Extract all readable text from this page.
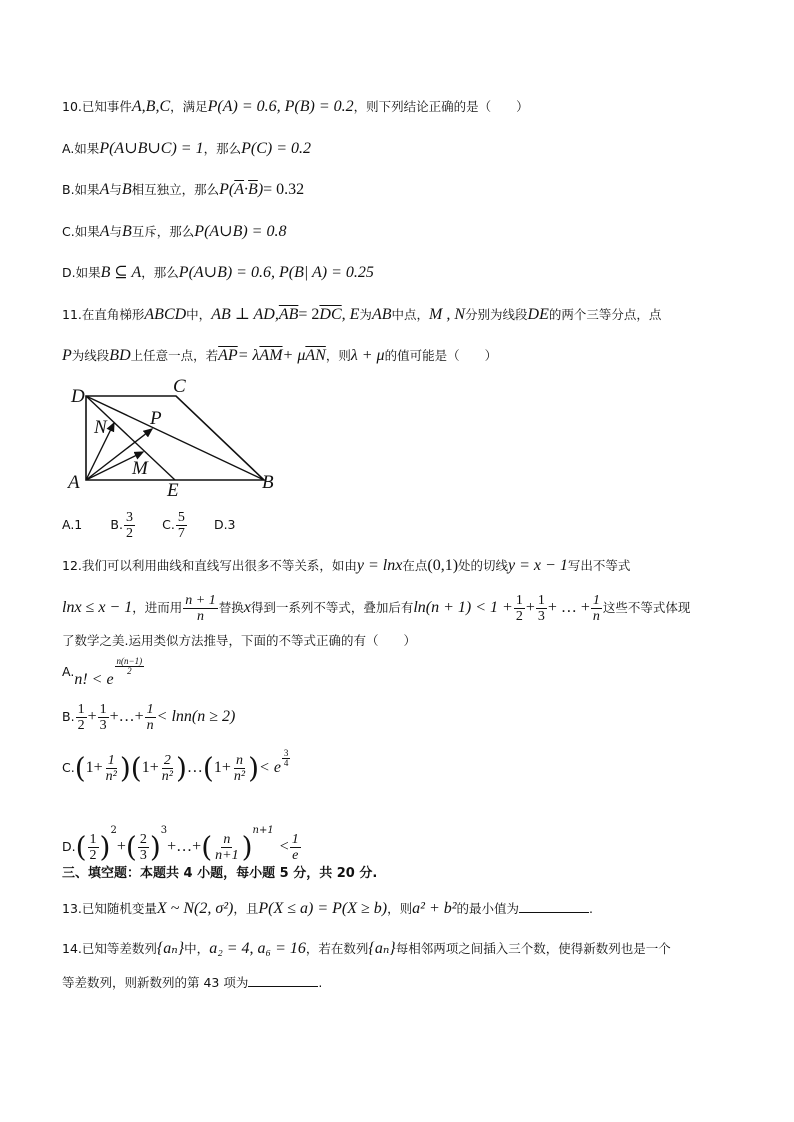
10.已知事件A,B,C，满足P(A) = 0.6, P(B) = 0.2，则下列结论正确的是（　　）
A.如果P(A∪B∪C) = 1，那么P(C) = 0.2
B.如果A与B相互独立，那么$P(\overline{A}\cdot\overline{B})= 0.32$
C.如果A与B互斥，那么P(A∪B) = 0.8
D.如果B ⊆ A，那么P(A∪B) = 0.6, P(B| A) = 0.25
11.在直角梯形ABCD中，AB ⊥ $AD,\overline{AB}= 2\overline{DC}$, E为AB中点，M , N分别为线段DE的两个三等分点，点
P为线段BD上任意一点，若$\overline{AP}= \lambda\overline{AM}+ \mu\overline{AN}$，则λ + μ的值可能是（　　）
D	C
P
N
M
A	E	B
A.1 B. $\frac{3}{2} C$. $\frac{5}{7} D.3$
12.我们可以利用曲线和直线写出很多不等关系，如由y = lnx在点(0,1)处的切线y = x − 1写出不等式
lnx ≤ x − 1，进而用 $\frac{n + 1}{n}$ 替换x得到一系列不等式，叠加后有$\ln(n + 1) < 1 + \frac{1}{2} + \frac{1}{3}$ + … + $\frac{1}{n}$ 这些不等式体现
了数学之美.运用类似方法推导，下面的不等式正确的有（　　）
A.n! < e
$\frac{n(n-1)}{2}$
B. $\frac{1}{2} + \frac{1}{3}$ +…+ $\frac{1}{n} < \ln n(n \ge 2)$
$C.(1+ \frac{1}{\text{n²}} )(1+ \frac{2}{\text{n²}}$ )…(1+ $\frac{n}{\text{n²}}$ )< e $\frac{3}{4}$
$D.( \frac{1}{2} )^2+( \frac{2}{3}$ )$^3+\dots+( \frac{n}{n+1} )^{n+1}< \frac{1}{e}$
三、填空题：本题共 4 小题，每小题 5 分，共 20 分.
13.已知随机变量X ~ N(2, σ²)，且P(X ≤ a) = P(X ≥ b)，则a² + b²的最小值为	.
14.已知等差数列{aₙ}中，a₂ = 4, a₆ = 16，若在数列{aₙ}每相邻两项之间插入三个数，使得新数列也是一个
等差数列，则新数列的第 43 项为	.
